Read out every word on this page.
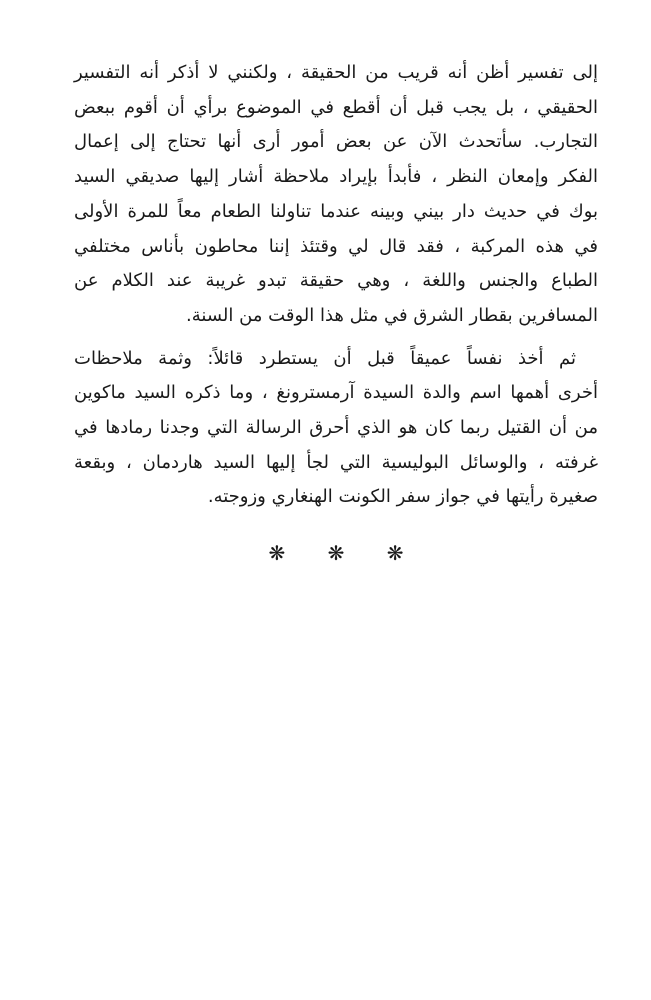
إلى تفسير أظن أنه قريب من الحقيقة ، ولكنني لا أذكر أنه التفسير
الحقيقي ، بل يجب قبل أن أقطع في الموضوع برأي أن أقوم ببعض
التجارب. سأتحدث الآن عن بعض أمور أرى أنها تحتاج إلى إعمال
الفكر وإمعان النظر ، فأبدأ بإيراد ملاحظة أشار إليها صديقي السيد
بوك في حديث دار بيني وبينه عندما تناولنا الطعام معاً للمرة الأولى
في هذه المركبة ، فقد قال لي وقتئذ إننا محاطون بأناس مختلفي
الطباع والجنس واللغة ، وهي حقيقة تبدو غريبة عند الكلام عن
المسافرين بقطار الشرق في مثل هذا الوقت من السنة.

ثم أخذ نفساً عميقاً قبل أن يستطرد قائلاً: وثمة ملاحظات
أخرى أهمها اسم والدة السيدة آرمسترونغ ، وما ذكره السيد ماكوين
من أن القتيل ربما كان هو الذي أحرق الرسالة التي وجدنا رمادها في
غرفته ، والوسائل البوليسية التي لجأ إليها السيد هاردمان ، وبقعة
صغيرة رأيتها في جواز سفر الكونت الهنغاري وزوجته.

❋ ❋ ❋
